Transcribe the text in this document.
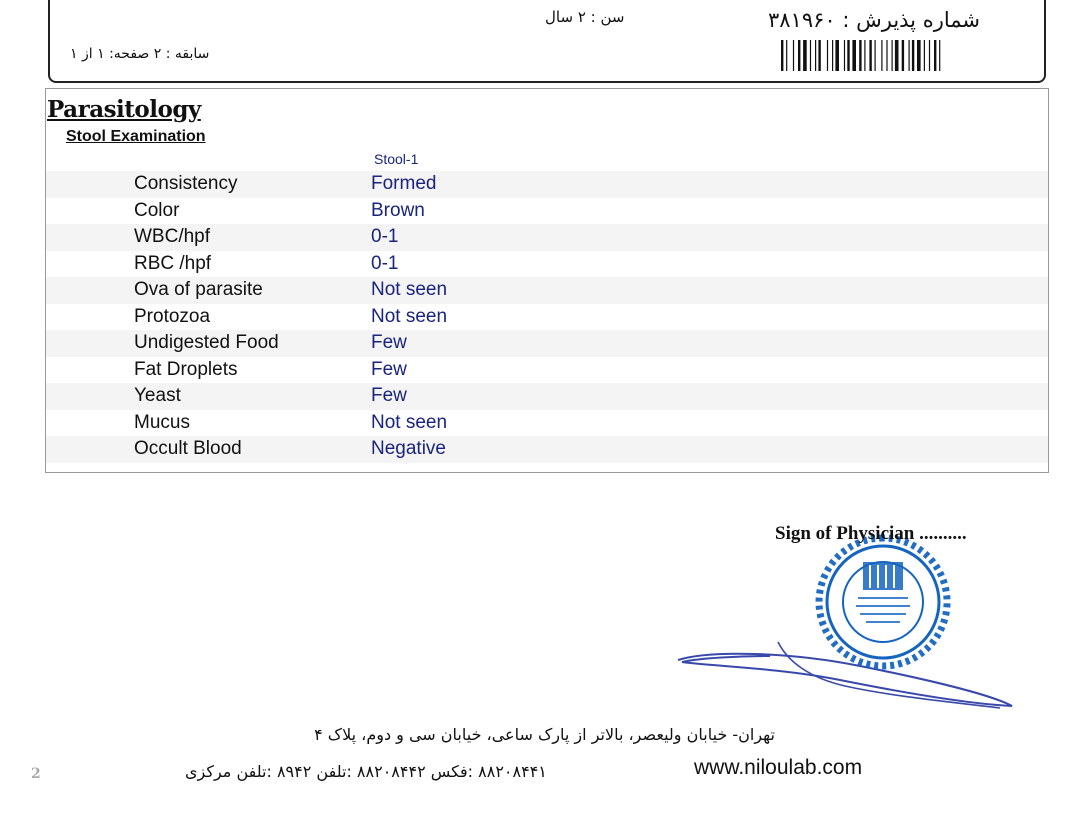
شماره پذیرش : ۳۸۱۹۶۰
سن : ۲ سال
سابقه : ۲ صفحه: ۱ از ۱
Parasitology
Stool Examination
Stool-1
Consistency	Formed
Color	Brown
WBC/hpf	0-1
RBC /hpf	0-1
Ova of parasite	Not seen
Protozoa	Not seen
Undigested Food	Few
Fat Droplets	Few
Yeast	Few
Mucus	Not seen
Occult Blood	Negative
Sign of Physician ..........
تهران- خیابان ولیعصر، بالاتر از پارک ساعی، خیابان سی و دوم، پلاک ۴
۸۸۲۰۸۴۴۱ :فکس ۸۸۲۰۸۴۴۲ :تلفن ۸۹۴۲ :تلفن مرکزی	www.niloulab.com
2
